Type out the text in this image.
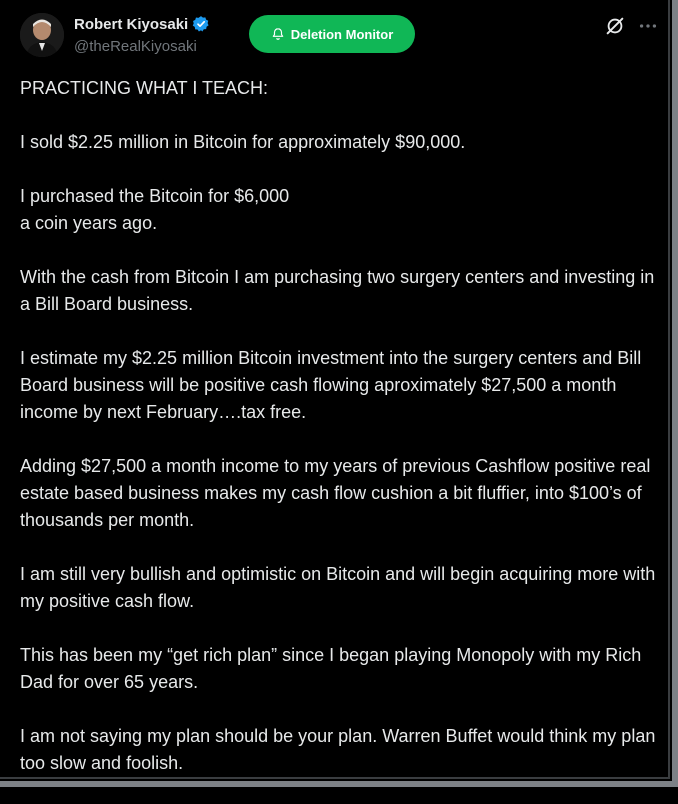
Robert Kiyosaki
@theRealKiyosaki
Deletion Monitor

PRACTICING WHAT I TEACH:

I sold $2.25 million in Bitcoin for approximately $90,000.

I purchased the Bitcoin for $6,000
a coin years ago.

With the cash from Bitcoin I am purchasing two surgery centers and investing in a Bill Board business.

I estimate my $2.25 million Bitcoin investment into the surgery centers and Bill Board business will be positive cash flowing aproximately $27,500 a month income by next February….tax free.

Adding $27,500 a month income to my years of previous Cashflow positive real estate based business makes my cash flow cushion a bit fluffier, into $100’s of thousands per month.

I am still very bullish and optimistic on Bitcoin and will begin acquiring more with my positive cash flow.

This has been my “get rich plan” since I began playing Monopoly with my Rich Dad for over 65 years.

I am not saying my plan should be your plan. Warren Buffet would think my plan too slow and foolish.
